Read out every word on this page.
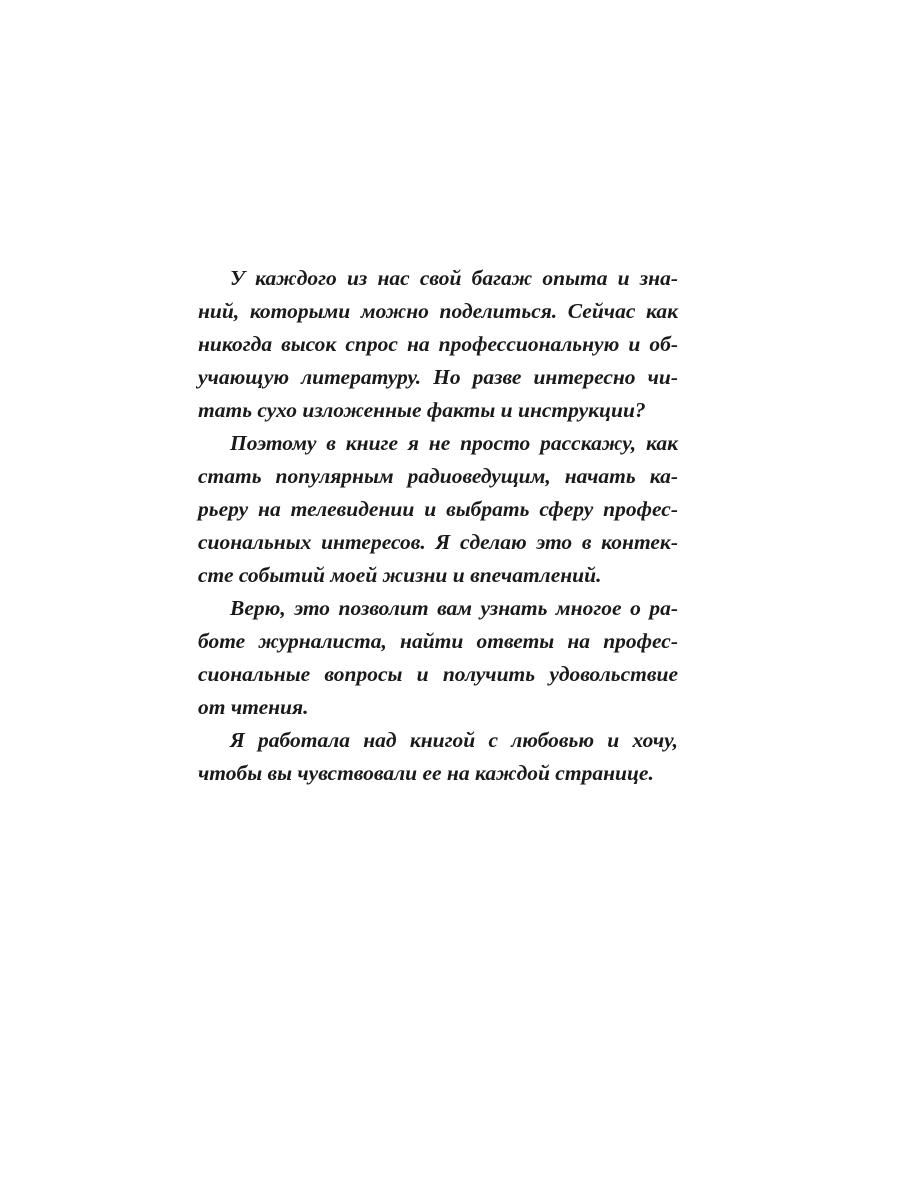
У каждого из нас свой багаж опыта и зна-
ний, которыми можно поделиться. Сейчас как
никогда высок спрос на профессиональную и об-
учающую литературу. Но разве интересно чи-
тать сухо изложенные факты и инструкции?
Поэтому в книге я не просто расскажу, как
стать популярным радиоведущим, начать ка-
рьеру на телевидении и выбрать сферу профес-
сиональных интересов. Я сделаю это в контек-
сте событий моей жизни и впечатлений.
Верю, это позволит вам узнать многое о ра-
боте журналиста, найти ответы на профес-
сиональные вопросы и получить удовольствие
от чтения.
Я работала над книгой с любовью и хочу,
чтобы вы чувствовали ее на каждой странице.
